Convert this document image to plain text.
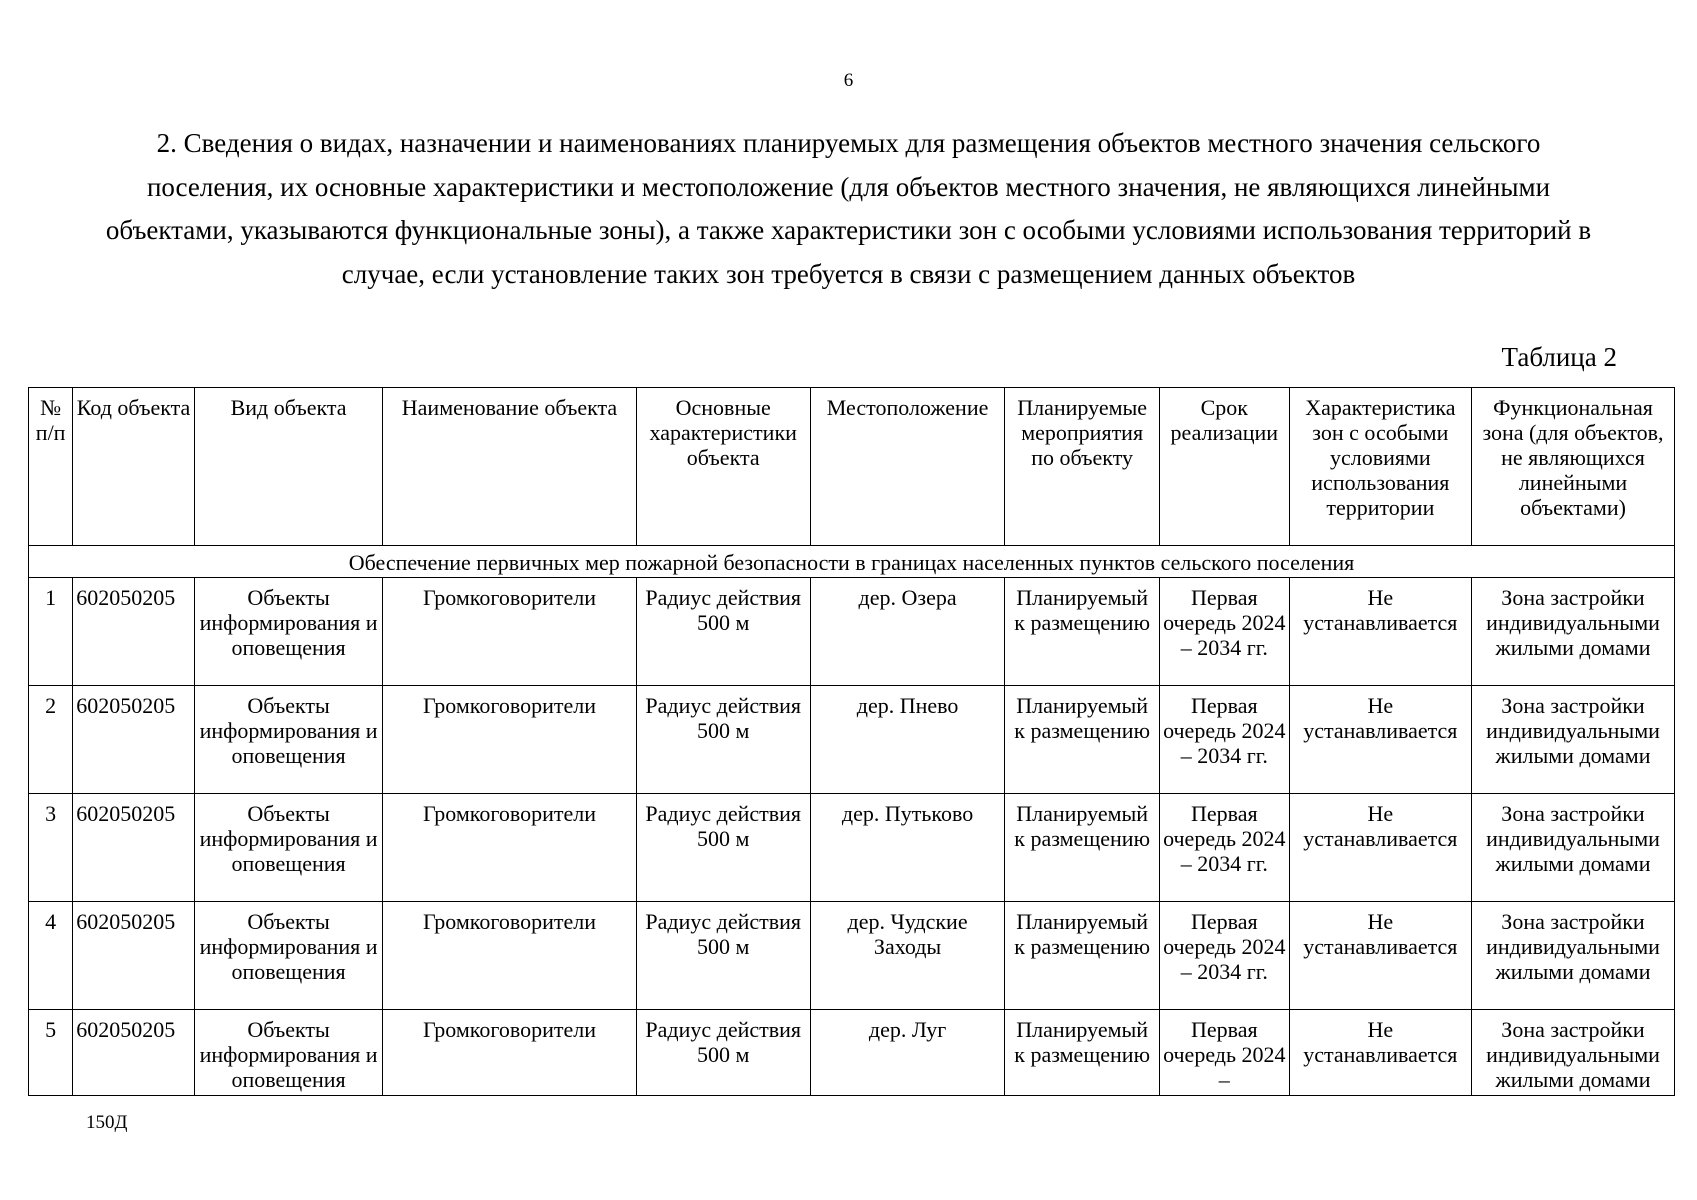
6
2. Сведения о видах, назначении и наименованиях планируемых для размещения объектов местного значения сельского поселения, их основные характеристики и местоположение (для объектов местного значения, не являющихся линейными объектами, указываются функциональные зоны), а также характеристики зон с особыми условиями использования территорий в случае, если установление таких зон требуется в связи с размещением данных объектов
Таблица 2
№ п/п	Код объекта	Вид объекта	Наименование объекта	Основные характеристики объекта	Местоположение	Планируемые мероприятия по объекту	Срок реализации	Характеристика зон с особыми условиями использования территории	Функциональная зона (для объектов, не являющихся линейными объектами)
Обеспечение первичных мер пожарной безопасности в границах населенных пунктов сельского поселения									
1	602050205	Объекты информирования и оповещения	Громкоговорители	Радиус действия 500 м	дер. Озера	Планируемый к размещению	Первая очередь 2024 – 2034 гг.	Не устанавливается	Зона застройки индивидуальными жилыми домами
2	602050205	Объекты информирования и оповещения	Громкоговорители	Радиус действия 500 м	дер. Пнево	Планируемый к размещению	Первая очередь 2024 – 2034 гг.	Не устанавливается	Зона застройки индивидуальными жилыми домами
3	602050205	Объекты информирования и оповещения	Громкоговорители	Радиус действия 500 м	дер. Путьково	Планируемый к размещению	Первая очередь 2024 – 2034 гг.	Не устанавливается	Зона застройки индивидуальными жилыми домами
4	602050205	Объекты информирования и оповещения	Громкоговорители	Радиус действия 500 м	дер. Чудские Заходы	Планируемый к размещению	Первая очередь 2024 – 2034 гг.	Не устанавливается	Зона застройки индивидуальными жилыми домами
5	602050205	Объекты информирования и оповещения	Громкоговорители	Радиус действия 500 м	дер. Луг	Планируемый к размещению	Первая очередь 2024 –	Не устанавливается	Зона застройки индивидуальными жилыми домами
150Д
